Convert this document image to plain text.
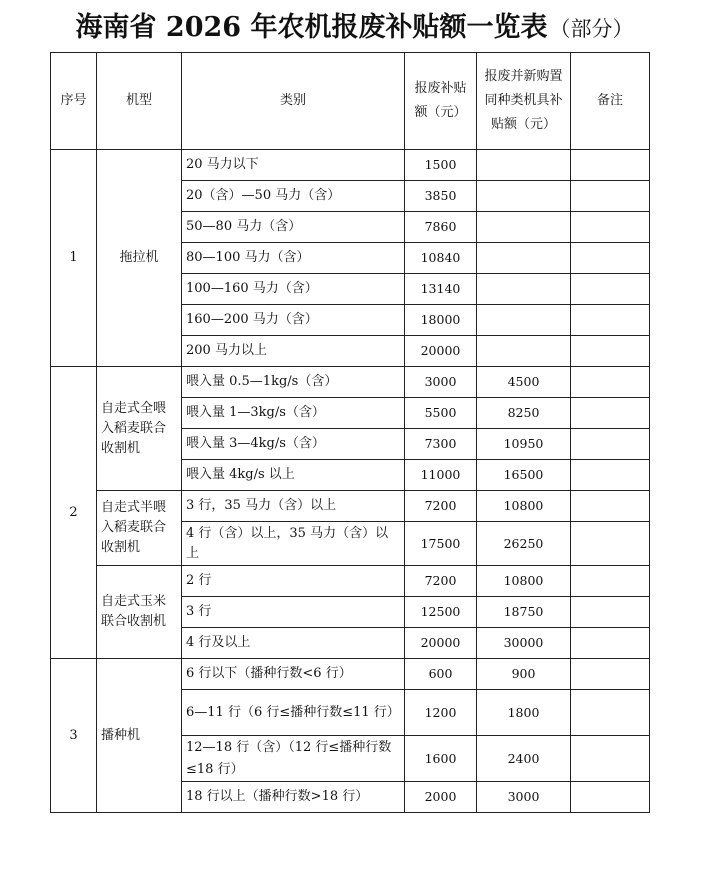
海南省 2026 年农机报废补贴额一览表（部分）
序号	机型	类别	报废补贴额（元）	报废并新购置同种类机具补贴额（元）	备注
1	拖拉机	20 马力以下	1500		
		20（含）—50 马力（含）	3850		
		50—80 马力（含）	7860		
		80—100 马力（含）	10840		
		100—160 马力（含）	13140		
		160—200 马力（含）	18000		
		200 马力以上	20000		
2	自走式全喂入稻麦联合收割机	喂入量 0.5—1kg/s（含）	3000	4500	
		喂入量 1—3kg/s（含）	5500	8250	
		喂入量 3—4kg/s（含）	7300	10950	
		喂入量 4kg/s 以上	11000	16500	
	自走式半喂入稻麦联合收割机	3 行，35 马力（含）以上	7200	10800	
		4 行（含）以上，35 马力（含）以上	17500	26250	
	自走式玉米联合收割机	2 行	7200	10800	
		3 行	12500	18750	
		4 行及以上	20000	30000	
3	播种机	6 行以下（播种行数<6 行）	600	900	
		6—11 行（6 行≤播种行数≤11 行）	1200	1800	
		12—18 行（含）（12 行≤播种行数≤18 行）	1600	2400	
		18 行以上（播种行数>18 行）	2000	3000	
